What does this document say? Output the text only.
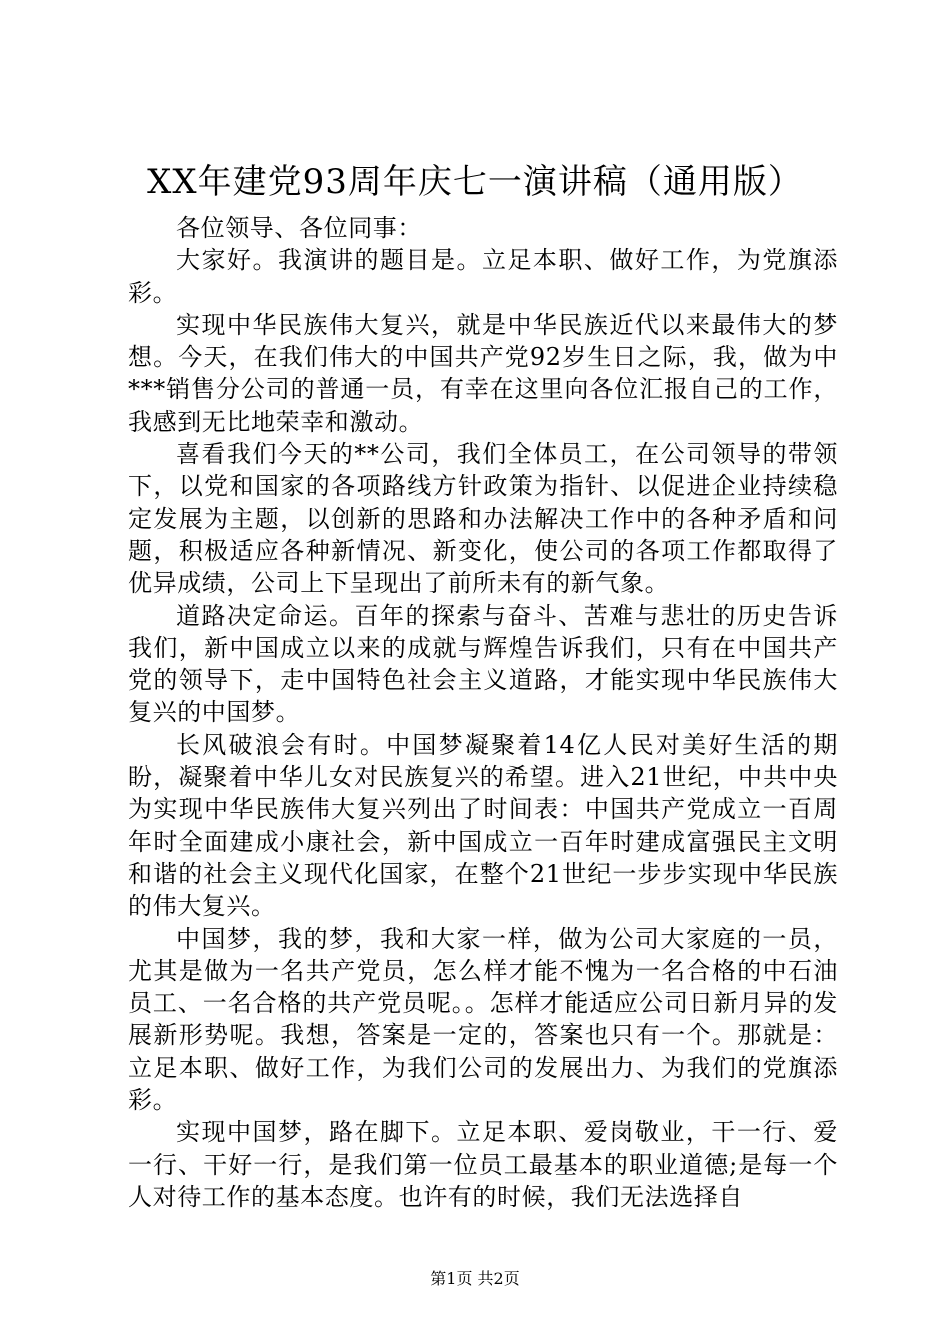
XX年建党93周年庆七一演讲稿（通用版）

各位领导、各位同事：

大家好。我演讲的题目是。立足本职、做好工作，为党旗添彩。

实现中华民族伟大复兴，就是中华民族近代以来最伟大的梦想。今天，在我们伟大的中国共产党92岁生日之际，我，做为中***销售分公司的普通一员，有幸在这里向各位汇报自己的工作，我感到无比地荣幸和激动。

喜看我们今天的**公司，我们全体员工，在公司领导的带领下，以党和国家的各项路线方针政策为指针、以促进企业持续稳定发展为主题，以创新的思路和办法解决工作中的各种矛盾和问题，积极适应各种新情况、新变化，使公司的各项工作都取得了优异成绩，公司上下呈现出了前所未有的新气象。

道路决定命运。百年的探索与奋斗、苦难与悲壮的历史告诉我们，新中国成立以来的成就与辉煌告诉我们，只有在中国共产党的领导下，走中国特色社会主义道路，才能实现中华民族伟大复兴的中国梦。

长风破浪会有时。中国梦凝聚着14亿人民对美好生活的期盼，凝聚着中华儿女对民族复兴的希望。进入21世纪，中共中央为实现中华民族伟大复兴列出了时间表：中国共产党成立一百周年时全面建成小康社会，新中国成立一百年时建成富强民主文明和谐的社会主义现代化国家，在整个21世纪一步步实现中华民族的伟大复兴。

中国梦，我的梦，我和大家一样，做为公司大家庭的一员，尤其是做为一名共产党员，怎么样才能不愧为一名合格的中石油员工、一名合格的共产党员呢。。怎样才能适应公司日新月异的发展新形势呢。我想，答案是一定的，答案也只有一个。那就是：立足本职、做好工作，为我们公司的发展出力、为我们的党旗添彩。

实现中国梦，路在脚下。立足本职、爱岗敬业，干一行、爱一行、干好一行，是我们第一位员工最基本的职业道德;是每一个人对待工作的基本态度。也许有的时候，我们无法选择自

第1页 共2页
